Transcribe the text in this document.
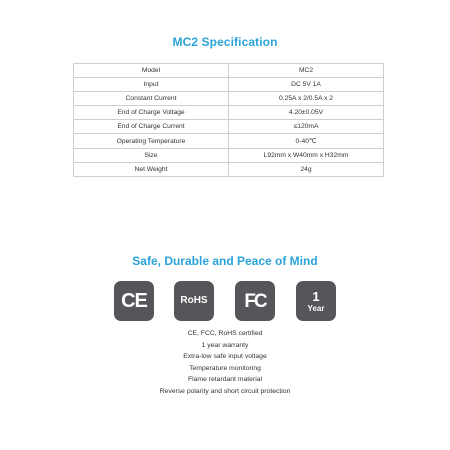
MC2 Specification
Model	MC2
Input	DC 5V 1A
Constant Current	0.25A x 2/0.5A x 2
End of Charge Voltage	4.20±0.05V
End of Charge Current	≤120mA
Operating Temperature	0-40℃
Size	L92mm x W40mm x H32mm
Net Weight	24g
Safe, Durable and Peace of Mind
CE	RoHS FC	1
Year
CE, FCC, RoHS certified
1 year warranty
Extra-low safe input voltage
Temperature monitoring
Flame retardant material
Reverse polarity and short circuit protection
